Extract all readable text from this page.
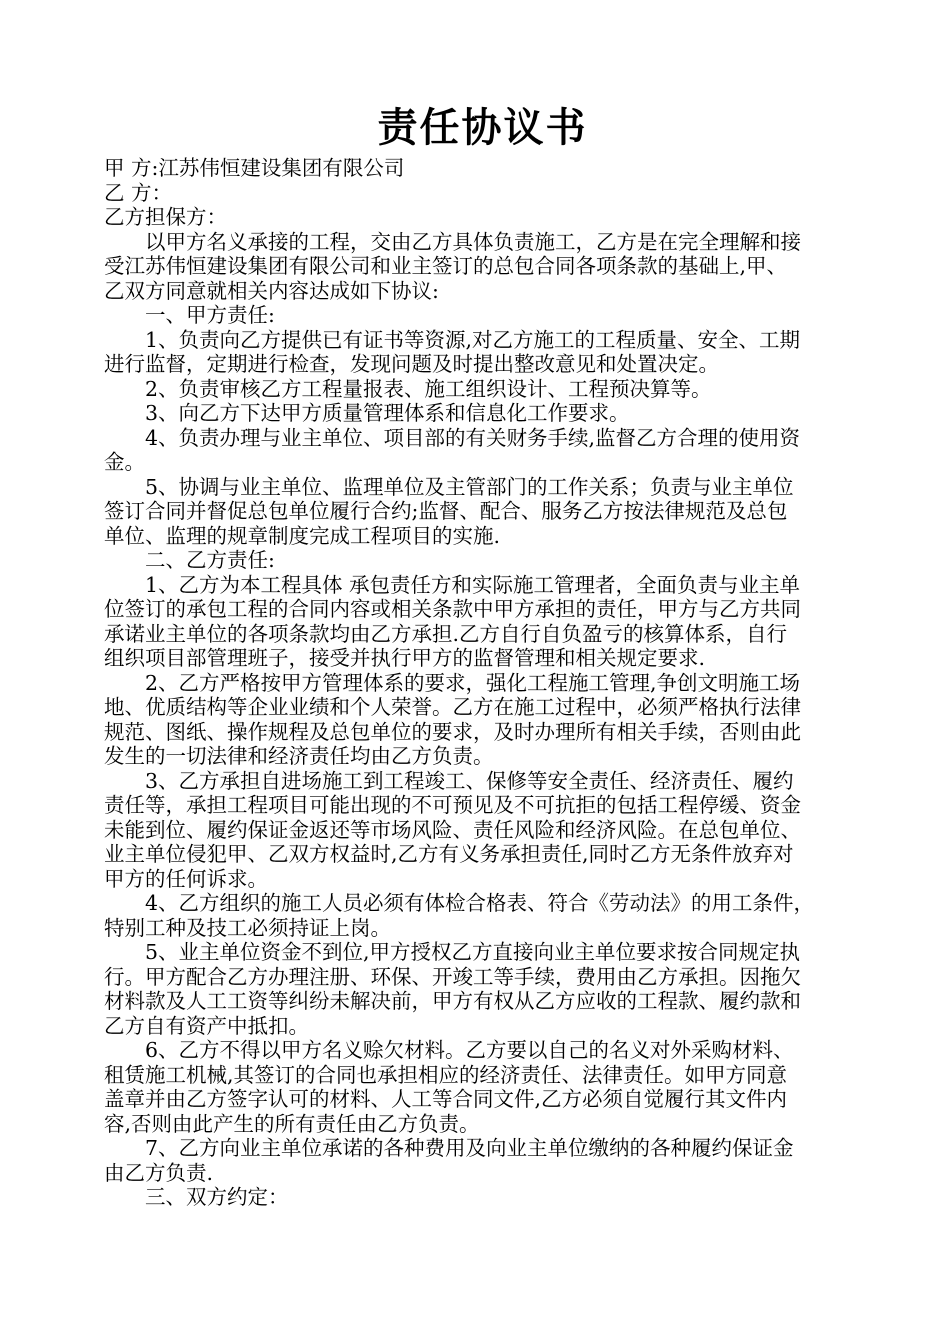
责任协议书

甲 方:江苏伟恒建设集团有限公司

乙 方：

乙方担保方：

以甲方名义承接的工程，交由乙方具体负责施工，乙方是在完全理解和接
受江苏伟恒建设集团有限公司和业主签订的总包合同各项条款的基础上,甲、
乙双方同意就相关内容达成如下协议:

一、甲方责任:

1、负责向乙方提供已有证书等资源,对乙方施工的工程质量、安全、工期
进行监督，定期进行检查，发现问题及时提出整改意见和处置决定。

2、负责审核乙方工程量报表、施工组织设计、工程预决算等。

3、向乙方下达甲方质量管理体系和信息化工作要求。

4、负责办理与业主单位、项目部的有关财务手续,监督乙方合理的使用资
金。

5、协调与业主单位、监理单位及主管部门的工作关系；负责与业主单位
签订合同并督促总包单位履行合约;监督、配合、服务乙方按法律规范及总包
单位、监理的规章制度完成工程项目的实施.

二、乙方责任:

1、乙方为本工程具体 承包责任方和实际施工管理者，全面负责与业主单
位签订的承包工程的合同内容或相关条款中甲方承担的责任，甲方与乙方共同
承诺业主单位的各项条款均由乙方承担.乙方自行自负盈亏的核算体系，自行
组织项目部管理班子，接受并执行甲方的监督管理和相关规定要求.

2、乙方严格按甲方管理体系的要求，强化工程施工管理,争创文明施工场
地、优质结构等企业业绩和个人荣誉。乙方在施工过程中，必须严格执行法律
规范、图纸、操作规程及总包单位的要求，及时办理所有相关手续，否则由此
发生的一切法律和经济责任均由乙方负责。

3、乙方承担自进场施工到工程竣工、保修等安全责任、经济责任、履约
责任等，承担工程项目可能出现的不可预见及不可抗拒的包括工程停缓、资金
未能到位、履约保证金返还等市场风险、责任风险和经济风险。在总包单位、
业主单位侵犯甲、乙双方权益时,乙方有义务承担责任,同时乙方无条件放弃对
甲方的任何诉求。

4、乙方组织的施工人员必须有体检合格表、符合《劳动法》的用工条件，
特别工种及技工必须持证上岗。

5、业主单位资金不到位,甲方授权乙方直接向业主单位要求按合同规定执
行。甲方配合乙方办理注册、环保、开竣工等手续，费用由乙方承担。因拖欠
材料款及人工工资等纠纷未解决前，甲方有权从乙方应收的工程款、履约款和
乙方自有资产中抵扣。

6、乙方不得以甲方名义赊欠材料。乙方要以自己的名义对外采购材料、
租赁施工机械,其签订的合同也承担相应的经济责任、法律责任。如甲方同意
盖章并由乙方签字认可的材料、人工等合同文件,乙方必须自觉履行其文件内
容,否则由此产生的所有责任由乙方负责。

7、乙方向业主单位承诺的各种费用及向业主单位缴纳的各种履约保证金
由乙方负责.

三、双方约定：
